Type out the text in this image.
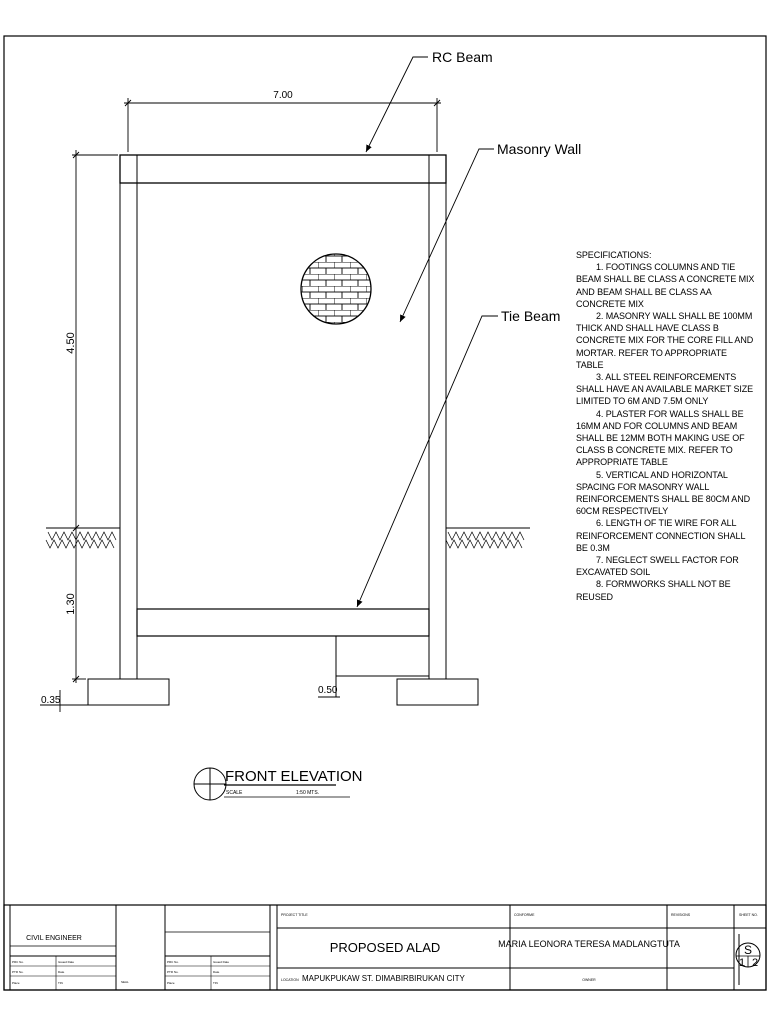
RC Beam
Masonry Wall
Tie Beam
7.00
4.50
1.30
0.35
0.50
FRONT ELEVATION
SCALE	1:50 MTS.
CIVIL ENGINEER
PRC No.	Issued Date
PTR No.	Date
Place	TIN	SEAL
PRC No.	Issued Date
PTR No.	Date
Place	TIN
PROJECT TITLE
PROPOSED ALAD
LOCATION MAPUKPUKAW ST. DIMABIRBIRUKAN CITY
CONFORME
MARIA LEONORA TERESA MADLANGTUTA
OWNER
REVISIONS	SHEET NO.
S
1 2
SPECIFICATIONS:

1. FOOTINGS COLUMNS AND TIE BEAM SHALL BE CLASS A CONCRETE MIX AND BEAM SHALL BE CLASS AA CONCRETE MIX

2. MASONRY WALL SHALL BE 100MM THICK AND SHALL HAVE CLASS B CONCRETE MIX FOR THE CORE FILL AND MORTAR. REFER TO APPROPRIATE TABLE

3. ALL STEEL REINFORCEMENTS SHALL HAVE AN AVAILABLE MARKET SIZE LIMITED TO 6M AND 7.5M ONLY

4. PLASTER FOR WALLS SHALL BE 16MM AND FOR COLUMNS AND BEAM SHALL BE 12MM BOTH MAKING USE OF CLASS B CONCRETE MIX. REFER TO APPROPRIATE TABLE

5. VERTICAL AND HORIZONTAL SPACING FOR MASONRY WALL REINFORCEMENTS SHALL BE 80CM AND 60CM RESPECTIVELY

6. LENGTH OF TIE WIRE FOR ALL REINFORCEMENT CONNECTION SHALL BE 0.3M

7. NEGLECT SWELL FACTOR FOR EXCAVATED SOIL

8. FORMWORKS SHALL NOT BE REUSED
